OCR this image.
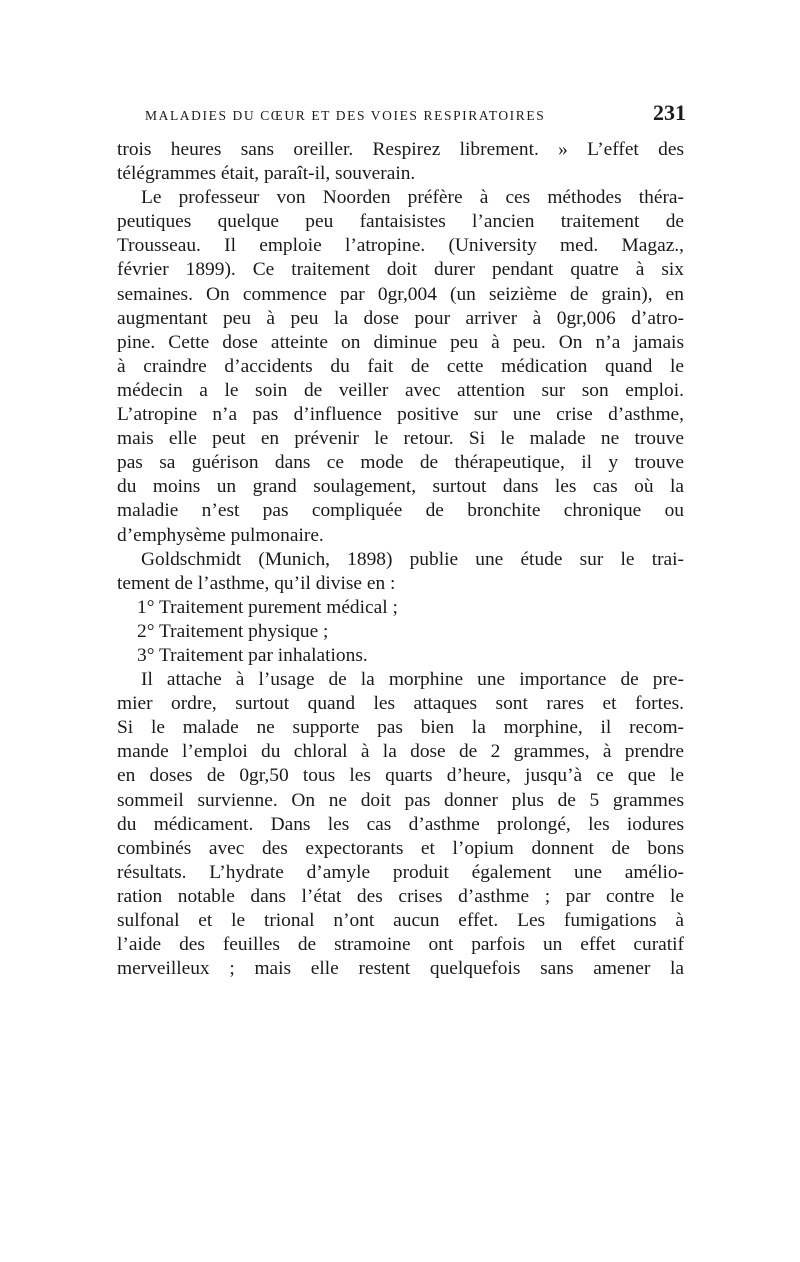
MALADIES DU CŒUR ET DES VOIES RESPIRATOIRES	231

trois heures sans oreiller. Respirez librement. » L’effet des
télégrammes était, paraît-il, souverain.

Le professeur von Noorden préfère à ces méthodes théra-
peutiques quelque peu fantaisistes l’ancien traitement de
Trousseau. Il emploie l’atropine. (University med. Magaz.,
février 1899). Ce traitement doit durer pendant quatre à six
semaines. On commence par 0gr,004 (un seizième de grain), en
augmentant peu à peu la dose pour arriver à 0gr,006 d’atro-
pine. Cette dose atteinte on diminue peu à peu. On n’a jamais
à craindre d’accidents du fait de cette médication quand le
médecin a le soin de veiller avec attention sur son emploi.
L’atropine n’a pas d’influence positive sur une crise d’asthme,
mais elle peut en prévenir le retour. Si le malade ne trouve
pas sa guérison dans ce mode de thérapeutique, il y trouve
du moins un grand soulagement, surtout dans les cas où la
maladie n’est pas compliquée de bronchite chronique ou
d’emphysème pulmonaire.

Goldschmidt (Munich, 1898) publie une étude sur le trai-
tement de l’asthme, qu’il divise en :

1° Traitement purement médical ;
2° Traitement physique ;
3° Traitement par inhalations.

Il attache à l’usage de la morphine une importance de pre-
mier ordre, surtout quand les attaques sont rares et fortes.
Si le malade ne supporte pas bien la morphine, il recom-
mande l’emploi du chloral à la dose de 2 grammes, à prendre
en doses de 0gr,50 tous les quarts d’heure, jusqu’à ce que le
sommeil survienne. On ne doit pas donner plus de 5 grammes
du médicament. Dans les cas d’asthme prolongé, les iodures
combinés avec des expectorants et l’opium donnent de bons
résultats. L’hydrate d’amyle produit également une amélio-
ration notable dans l’état des crises d’asthme ; par contre le
sulfonal et le trional n’ont aucun effet. Les fumigations à
l’aide des feuilles de stramoine ont parfois un effet curatif
merveilleux ; mais elle restent quelquefois sans amener la
